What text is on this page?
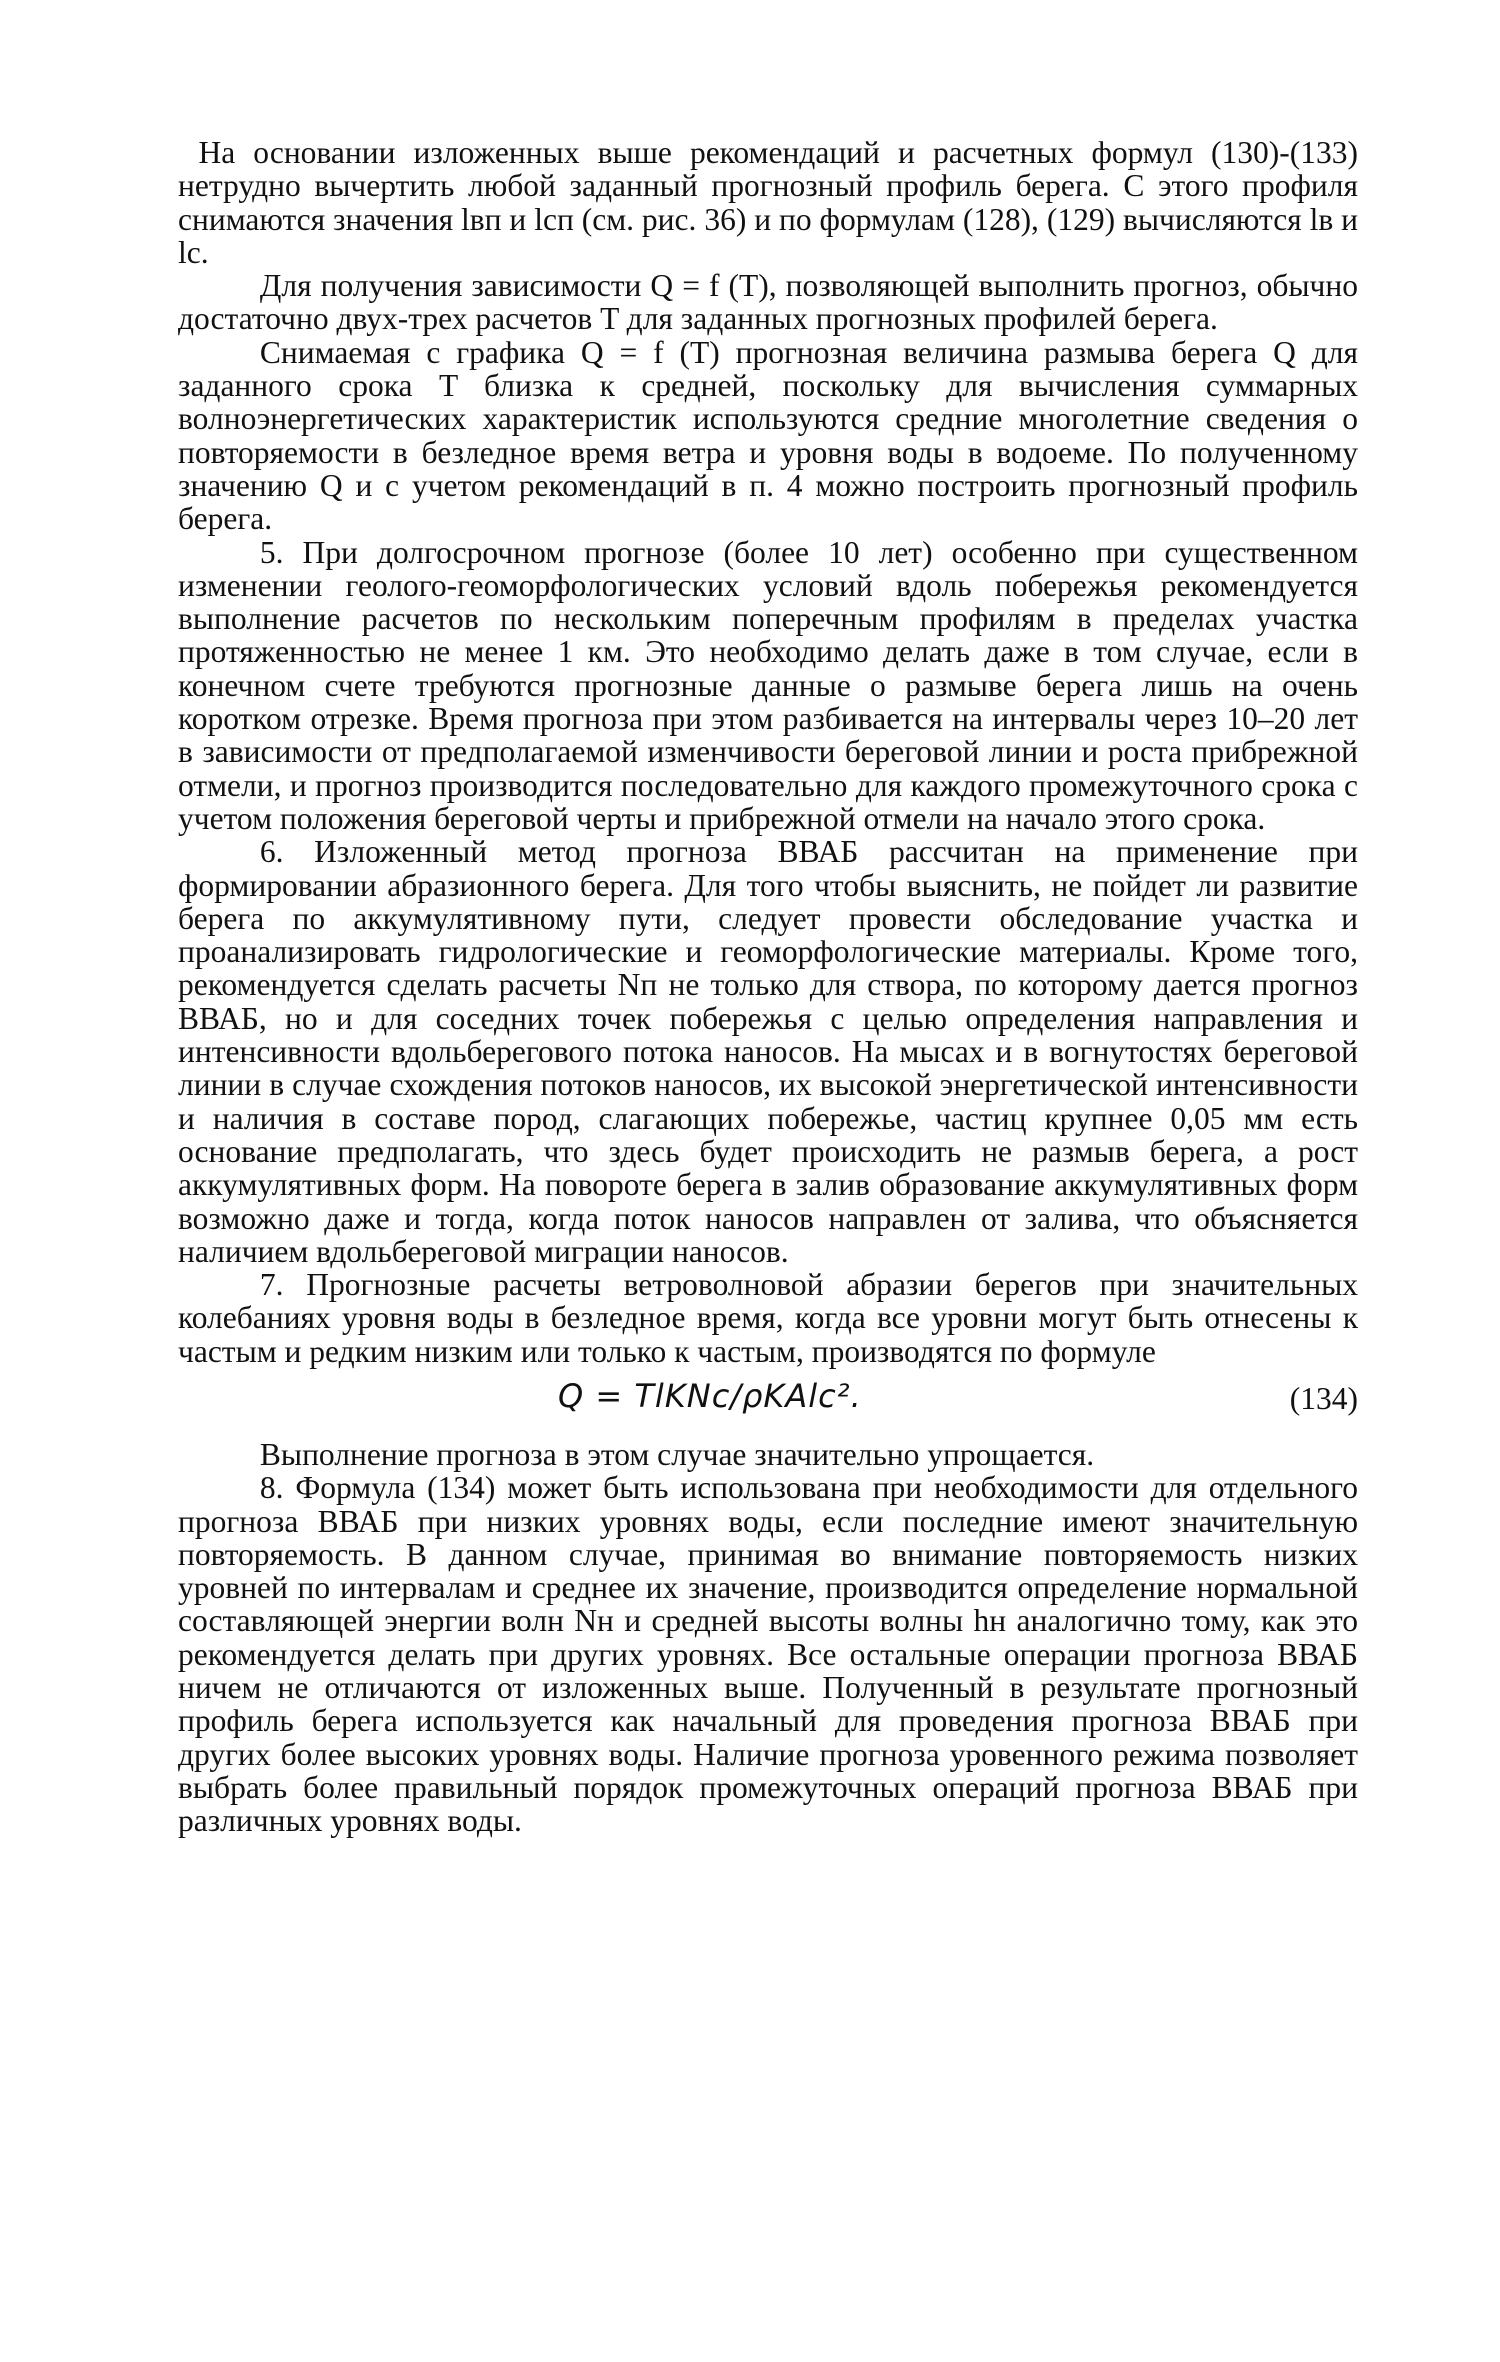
На основании изложенных выше рекомендаций и расчетных формул (130)-(133) нетрудно вычертить любой заданный прогнозный профиль берега. С этого профиля снимаются значения lвп и lсп (см. рис. 36) и по формулам (128), (129) вычисляются lв и lс.

Для получения зависимости Q = f (T), позволяющей выполнить прогноз, обычно достаточно двух-трех расчетов T для заданных прогнозных профилей берега.

Снимаемая с графика Q = f (T) прогнозная величина размыва берега Q для заданного срока T близка к средней, поскольку для вычисления суммарных волноэнергетических характеристик используются средние многолетние сведения о повторяемости в безледное время ветра и уровня воды в водоеме. По полученному значению Q и с учетом рекомендаций в п. 4 можно построить прогнозный профиль берега.

5. При долгосрочном прогнозе (более 10 лет) особенно при существенном изменении геолого-геоморфологических условий вдоль побережья рекомендуется выполнение расчетов по нескольким поперечным профилям в пределах участка протяженностью не менее 1 км. Это необходимо делать даже в том случае, если в конечном счете требуются прогнозные данные о размыве берега лишь на очень коротком отрезке. Время прогноза при этом разбивается на интервалы через 10–20 лет в зависимости от предполагаемой изменчивости береговой линии и роста прибрежной отмели, и прогноз производится последовательно для каждого промежуточного срока с учетом положения береговой черты и прибрежной отмели на начало этого срока.

6. Изложенный метод прогноза ВВАБ рассчитан на применение при формировании абразионного берега. Для того чтобы выяснить, не пойдет ли развитие берега по аккумулятивному пути, следует провести обследование участка и проанализировать гидрологические и геоморфологические материалы. Кроме того, рекомендуется сделать расчеты Nп не только для створа, по которому дается прогноз ВВАБ, но и для соседних точек побережья с целью определения направления и интенсивности вдольберегового потока наносов. На мысах и в вогнутостях береговой линии в случае схождения потоков наносов, их высокой энергетической интенсивности и наличия в составе пород, слагающих побережье, частиц крупнее 0,05 мм есть основание предполагать, что здесь будет происходить не размыв берега, а рост аккумулятивных форм. На повороте берега в залив образование аккумулятивных форм возможно даже и тогда, когда поток наносов направлен от залива, что объясняется наличием вдольбереговой миграции наносов.

7. Прогнозные расчеты ветроволновой абразии берегов при значительных колебаниях уровня воды в безледное время, когда все уровни могут быть отнесены к частым и редким низким или только к частым, производятся по формуле

Q = TlKNc/ρKAlc².	(134)

Выполнение прогноза в этом случае значительно упрощается.

8. Формула (134) может быть использована при необходимости для отдельного прогноза ВВАБ при низких уровнях воды, если последние имеют значительную повторяемость. В данном случае, принимая во внимание повторяемость низких уровней по интервалам и среднее их значение, производится определение нормальной составляющей энергии волн Nн и средней высоты волны hн аналогично тому, как это рекомендуется делать при других уровнях. Все остальные операции прогноза ВВАБ ничем не отличаются от изложенных выше. Полученный в результате прогнозный профиль берега используется как начальный для проведения прогноза ВВАБ при других более высоких уровнях воды. Наличие прогноза уровенного режима позволяет выбрать более правильный порядок промежуточных операций прогноза ВВАБ при различных уровнях воды.
